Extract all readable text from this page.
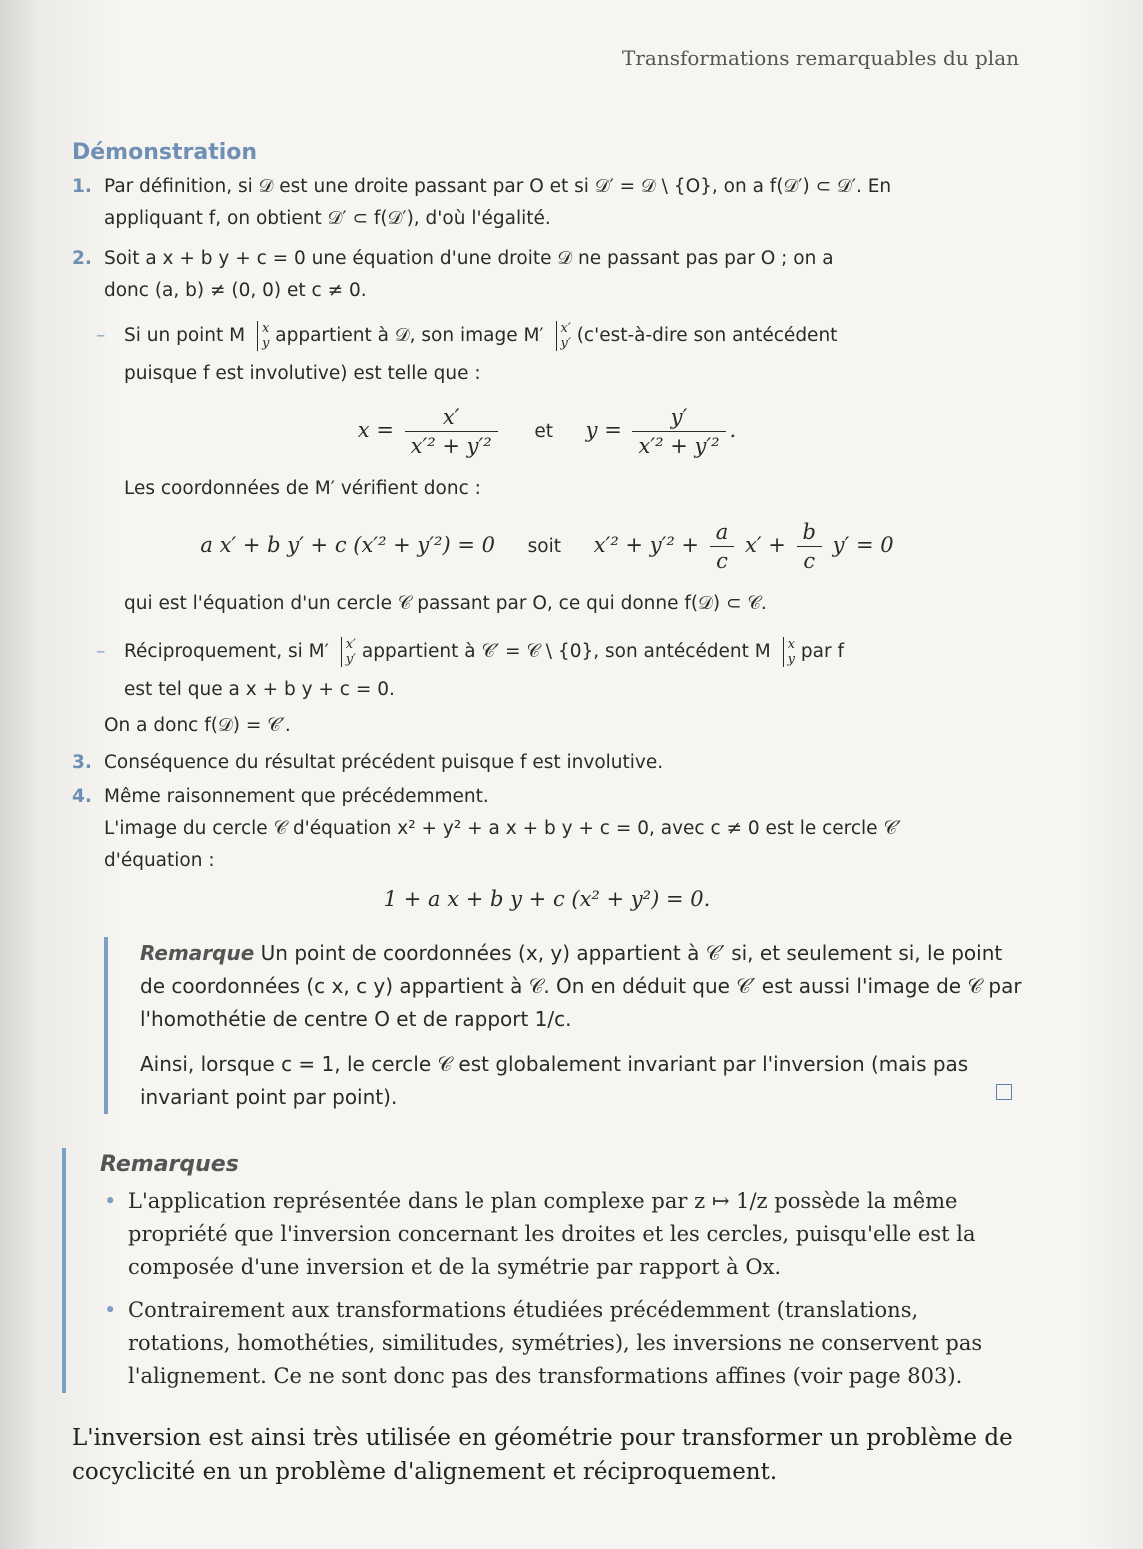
Transformations remarquables du plan
Démonstration
1. Par définition, si 𝒟 est une droite passant par O et si 𝒟′ = 𝒟 \ {O}, on a f(𝒟′) ⊂ 𝒟′. En
appliquant f, on obtient 𝒟′ ⊂ f(𝒟′), d'où l'égalité.
2. Soit a x + b y + c = 0 une équation d'une droite 𝒟 ne passant pas par O ; on a
donc (a, b) ≠ (0, 0) et c ≠ 0.
– Si un point M x
y appartient à 𝒟, son image M′ x′
y′ (c'est-à-dire son antécédent
puisque f est involutive) est telle que :
$x = \frac{x'}{\text{x′² + y′²}}$ et $y = \frac{y'}{\text{x′² + y′²}}$ .
Les coordonnées de M′ vérifient donc :
a x′ + b y′ + c (x′² + y′²) = 0 soit $x'^2 + y'^2 + \frac{a}{c} x' + \frac{b}{c} y' = 0$
qui est l'équation d'un cercle 𝒞 passant par O, ce qui donne f(𝒟) ⊂ 𝒞.
– Réciproquement, si M′ x′
y′ appartient à 𝒞′ = 𝒞 \ {0}, son antécédent M x
y par f
est tel que a x + b y + c = 0.
On a donc f(𝒟) = 𝒞′.
3. Conséquence du résultat précédent puisque f est involutive.
4. Même raisonnement que précédemment.
L'image du cercle 𝒞 d'équation x² + y² + a x + b y + c = 0, avec c ≠ 0 est le cercle 𝒞′
d'équation :
1 + a x + b y + c (x² + y²) = 0.

Remarque Un point de coordonnées (x, y) appartient à 𝒞′ si, et seulement si, le point de coordonnées (c x, c y) appartient à 𝒞. On en déduit que 𝒞′ est aussi l'image de 𝒞 par l'homothétie de centre O et de rapport 1/c.

Ainsi, lorsque c = 1, le cercle 𝒞 est globalement invariant par l'inversion (mais pas invariant point par point).

Remarques
• L'application représentée dans le plan complexe par z ↦ 1/z possède la même propriété que l'inversion concernant les droites et les cercles, puisqu'elle est la composée d'une inversion et de la symétrie par rapport à Ox.
• Contrairement aux transformations étudiées précédemment (translations, rotations, homothéties, similitudes, symétries), les inversions ne conservent pas l'alignement. Ce ne sont donc pas des transformations affines (voir page 803).
L'inversion est ainsi très utilisée en géométrie pour transformer un problème de cocyclicité en un problème d'alignement et réciproquement.
